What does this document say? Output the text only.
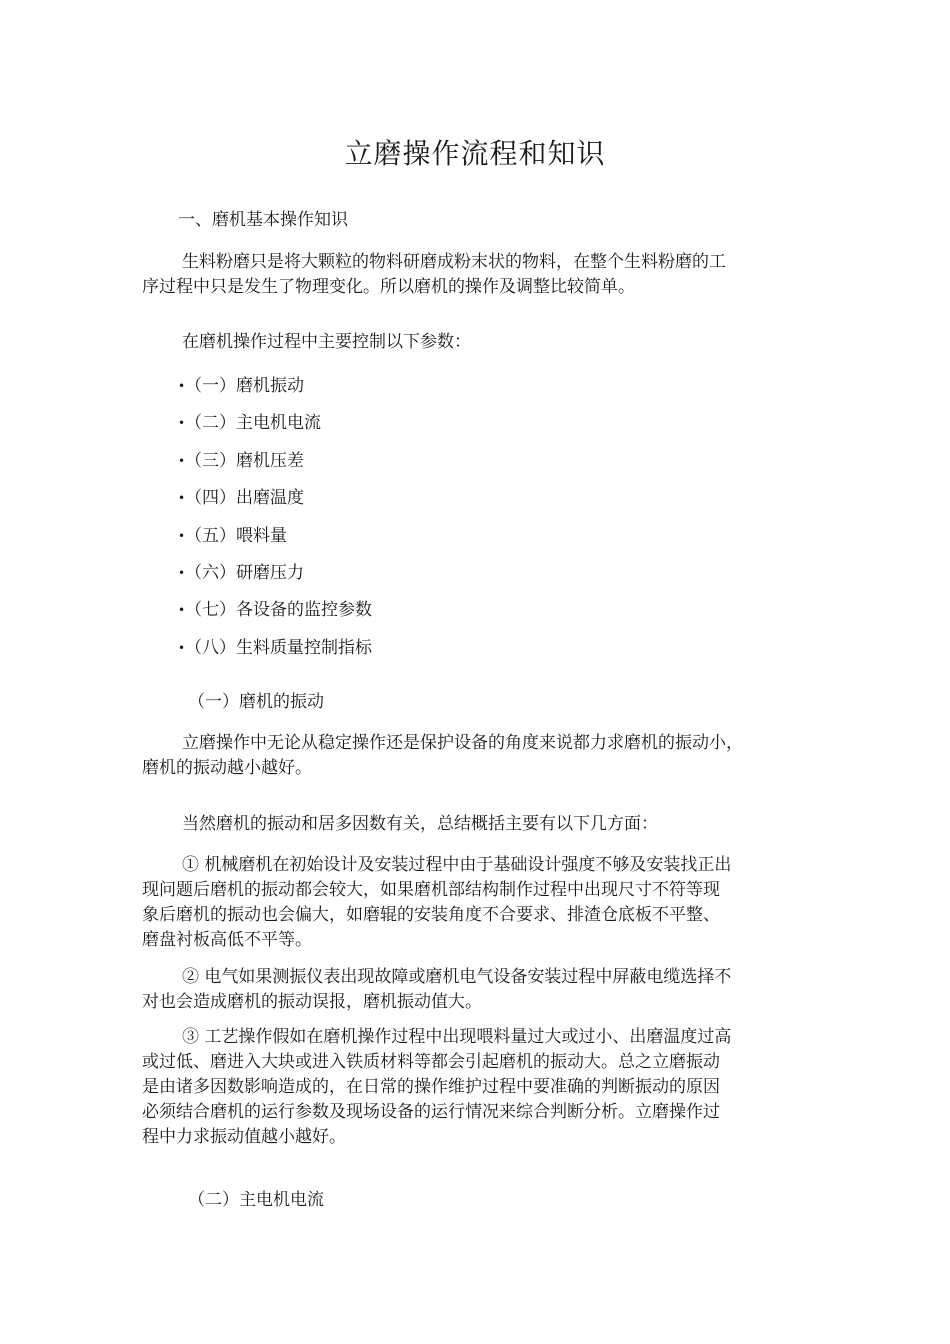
立磨操作流程和知识
一、磨机基本操作知识
生料粉磨只是将大颗粒的物料研磨成粉末状的物料，在整个生料粉磨的工
序过程中只是发生了物理变化。所以磨机的操作及调整比较简单。
在磨机操作过程中主要控制以下参数：
•（一）磨机振动
•（二）主电机电流
•（三）磨机压差
•（四）出磨温度
•（五）喂料量
•（六）研磨压力
•（七）各设备的监控参数
•（八）生料质量控制指标
（一）磨机的振动
立磨操作中无论从稳定操作还是保护设备的角度来说都力求磨机的振动小，
磨机的振动越小越好。
当然磨机的振动和居多因数有关，总结概括主要有以下几方面：
① 机械磨机在初始设计及安装过程中由于基础设计强度不够及安装找正出
现问题后磨机的振动都会较大，如果磨机部结构制作过程中出现尺寸不符等现
象后磨机的振动也会偏大，如磨辊的安装角度不合要求、排渣仓底板不平整、
磨盘衬板高低不平等。
② 电气如果测振仪表出现故障或磨机电气设备安装过程中屏蔽电缆选择不
对也会造成磨机的振动误报，磨机振动值大。
③ 工艺操作假如在磨机操作过程中出现喂料量过大或过小、出磨温度过高
或过低、磨进入大块或进入铁质材料等都会引起磨机的振动大。总之立磨振动
是由诸多因数影响造成的，在日常的操作维护过程中要准确的判断振动的原因
必须结合磨机的运行参数及现场设备的运行情况来综合判断分析。立磨操作过
程中力求振动值越小越好。
（二）主电机电流
